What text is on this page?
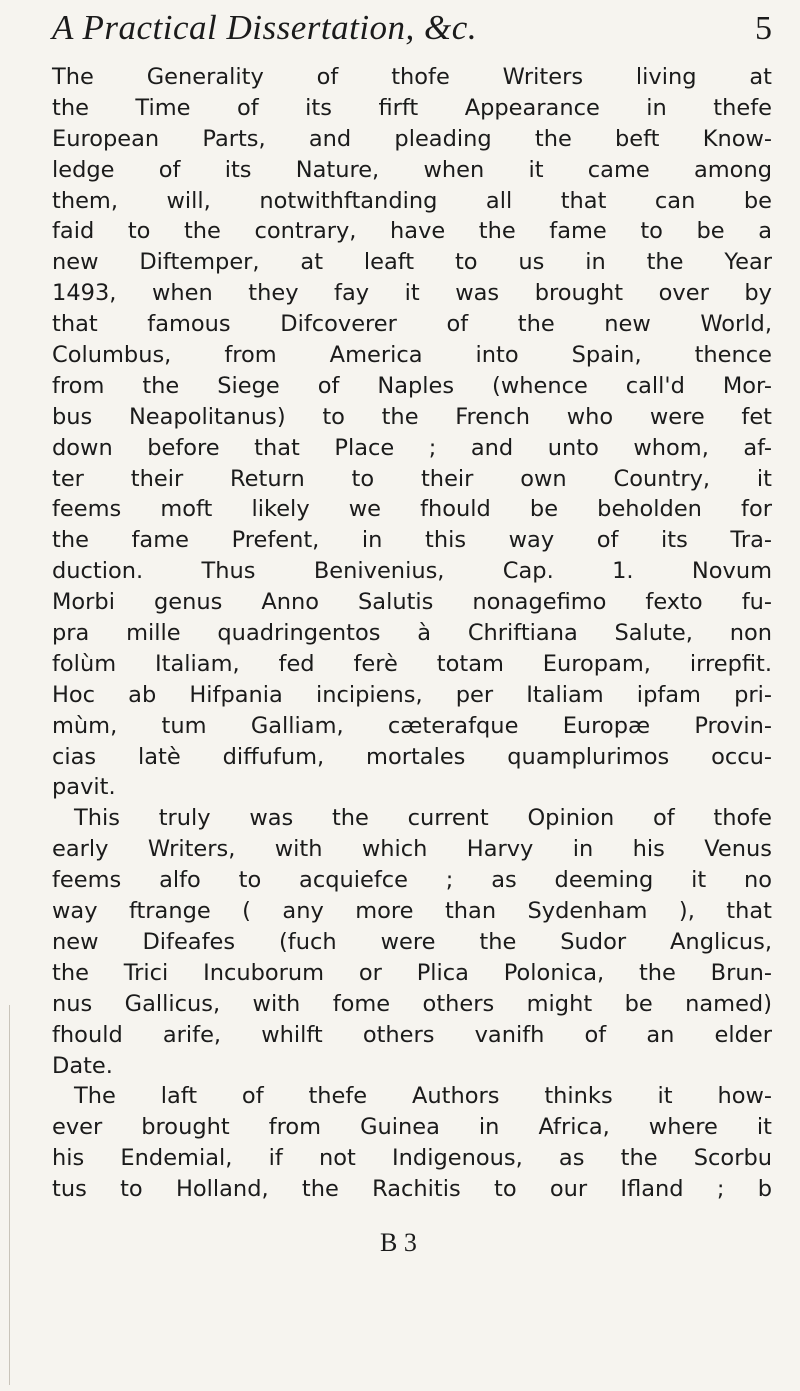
A Practical Dissertation, &c.	5
The Generality of thofe Writers living at
the Time of its firft Appearance in thefe
European Parts, and pleading the beft Know-
ledge of its Nature, when it came among
them, will, notwithftanding all that can be
faid to the contrary, have the fame to be a
new Diftemper, at leaft to us in the Year
1493, when they fay it was brought over by
that famous Difcoverer of the new World,
Columbus, from America into Spain, thence
from the Siege of Naples (whence call'd Mor-
bus Neapolitanus) to the French who were fet
down before that Place ; and unto whom, af-
ter their Return to their own Country, it
feems moft likely we fhould be beholden for
the fame Prefent, in this way of its Tra-
duction. Thus Benivenius, Cap. 1. Novum
Morbi genus Anno Salutis nonagefimo fexto fu-
pra mille quadringentos à Chriftiana Salute, non
folùm Italiam, fed ferè totam Europam, irrepfit.
Hoc ab Hifpania incipiens, per Italiam ipfam pri-
mùm, tum Galliam, cæterafque Europæ Provin-
cias latè diffufum, mortales quamplurimos occu-
pavit.
This truly was the current Opinion of thofe
early Writers, with which Harvy in his Venus
feems alfo to acquiefce ; as deeming it no
way ftrange ( any more than Sydenham ), that
new Difeafes (fuch were the Sudor Anglicus,
the Trici Incuborum or Plica Polonica, the Brun-
nus Gallicus, with fome others might be named)
fhould arife, whilft others vanifh of an elder
Date.
The laft of thefe Authors thinks it how-
ever brought from Guinea in Africa, where it
his Endemial, if not Indigenous, as the Scorbu
tus to Holland, the Rachitis to our Ifland ; b
B 3
